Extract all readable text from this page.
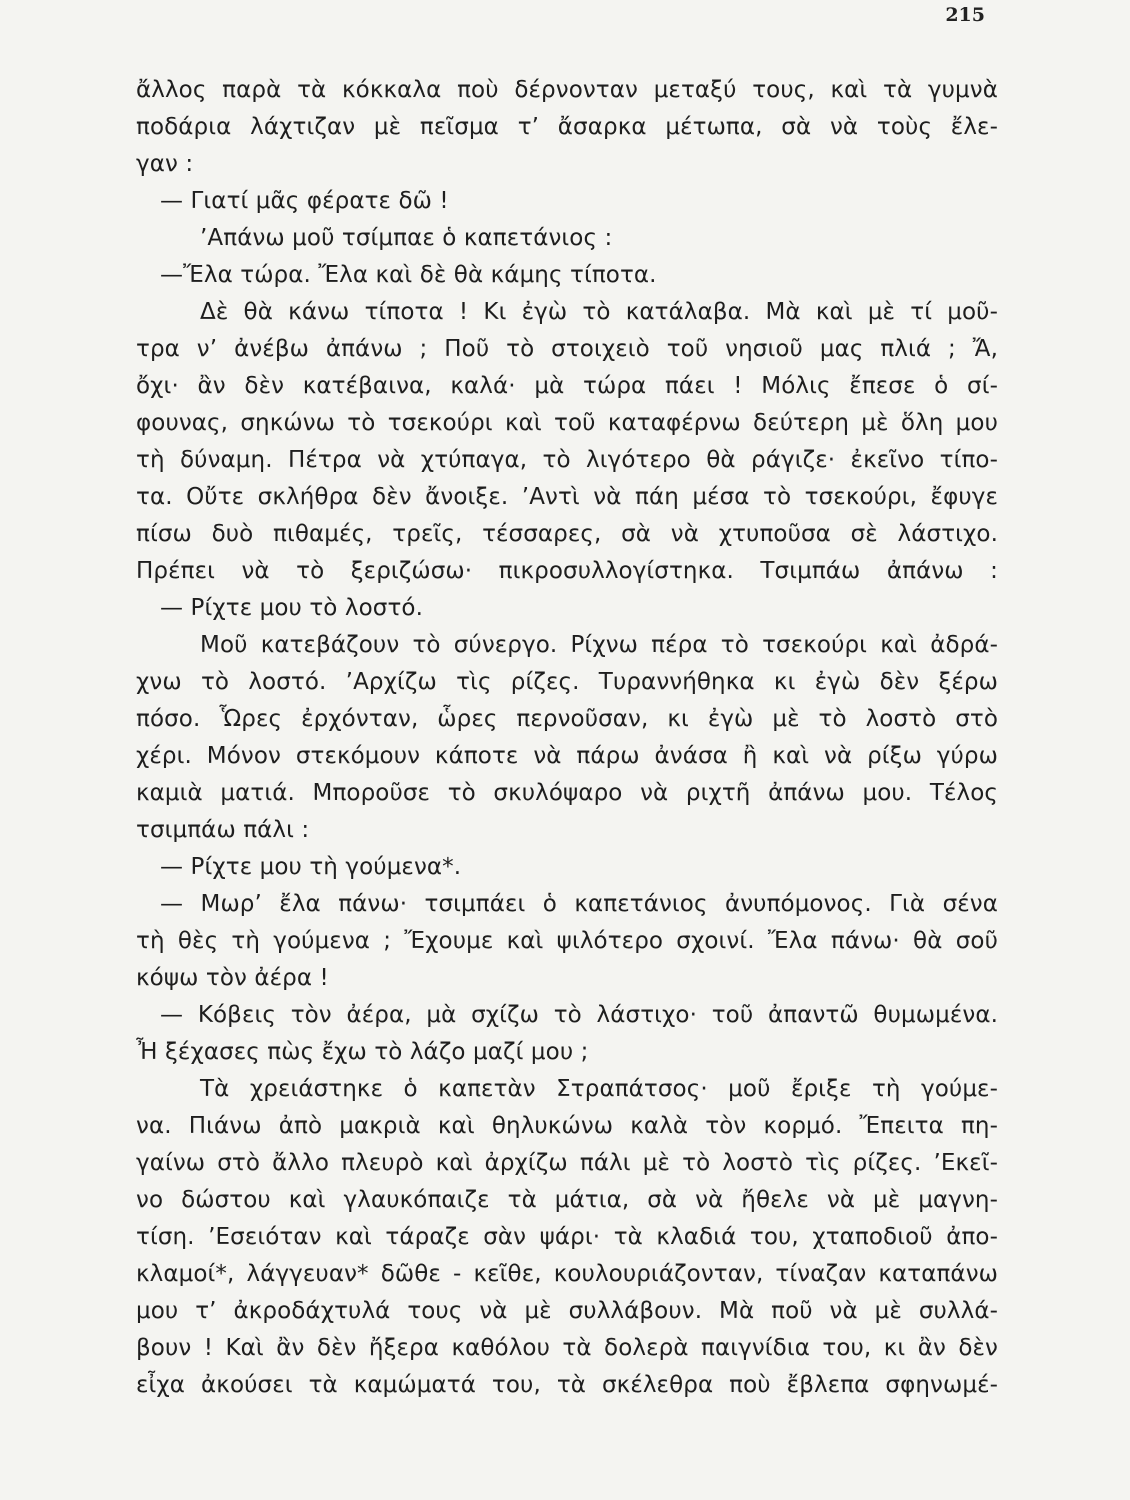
215
ἄλλος παρὰ τὰ κόκκαλα ποὺ δέρνονταν μεταξύ τους, καὶ τὰ γυμνὰ
ποδάρια λάχτιζαν μὲ πεῖσμα τ’ ἄσαρκα μέτωπα, σὰ νὰ τοὺς ἔλε-
γαν :
— Γιατί μᾶς φέρατε δῶ !
’Απάνω μοῦ τσίμπαε ὁ καπετάνιος :
—Ἔλα τώρα. Ἔλα καὶ δὲ θὰ κάμης τίποτα.
Δὲ θὰ κάνω τίποτα ! Κι ἐγὼ τὸ κατάλαβα. Μὰ καὶ μὲ τί μοῦ-
τρα ν’ ἀνέβω ἀπάνω ; Ποῦ τὸ στοιχειὸ τοῦ νησιοῦ μας πλιά ; Ἄ,
ὄχι· ἂν δὲν κατέβαινα, καλά· μὰ τώρα πάει ! Μόλις ἔπεσε ὁ σί-
φουνας, σηκώνω τὸ τσεκούρι καὶ τοῦ καταφέρνω δεύτερη μὲ ὅλη μου
τὴ δύναμη. Πέτρα νὰ χτύπαγα, τὸ λιγότερο θὰ ράγιζε· ἐκεῖνο τίπο-
τα. Οὔτε σκλήθρα δὲν ἄνοιξε. ’Αντὶ νὰ πάη μέσα τὸ τσεκούρι, ἔφυγε
πίσω δυὸ πιθαμές, τρεῖς, τέσσαρες, σὰ νὰ χτυποῦσα σὲ λάστιχο.
Πρέπει νὰ τὸ ξεριζώσω· πικροσυλλογίστηκα. Τσιμπάω ἀπάνω :
— Ρίχτε μου τὸ λοστό.
Μοῦ κατεβάζουν τὸ σύνεργο. Ρίχνω πέρα τὸ τσεκούρι καὶ ἀδρά-
χνω τὸ λοστό. ’Αρχίζω τὶς ρίζες. Τυραννήθηκα κι ἐγὼ δὲν ξέρω
πόσο. Ὧρες ἐρχόνταν, ὧρες περνοῦσαν, κι ἐγὼ μὲ τὸ λοστὸ στὸ
χέρι. Μόνον στεκόμουν κάποτε νὰ πάρω ἀνάσα ἢ καὶ νὰ ρίξω γύρω
καμιὰ ματιά. Μποροῦσε τὸ σκυλόψαρο νὰ ριχτῆ ἀπάνω μου. Τέλος
τσιμπάω πάλι :
— Ρίχτε μου τὴ γούμενα*.
— Μωρ’ ἔλα πάνω· τσιμπάει ὁ καπετάνιος ἀνυπόμονος. Γιὰ σένα
τὴ θὲς τὴ γούμενα ; Ἔχουμε καὶ ψιλότερο σχοινί. Ἔλα πάνω· θὰ σοῦ
κόψω τὸν ἀέρα !
— Κόβεις τὸν ἀέρα, μὰ σχίζω τὸ λάστιχο· τοῦ ἀπαντῶ θυμωμένα.
Ἦ ξέχασες πὼς ἔχω τὸ λάζο μαζί μου ;
Τὰ χρειάστηκε ὁ καπετὰν Στραπάτσος· μοῦ ἔριξε τὴ γούμε-
να. Πιάνω ἀπὸ μακριὰ καὶ θηλυκώνω καλὰ τὸν κορμό. Ἔπειτα πη-
γαίνω στὸ ἄλλο πλευρὸ καὶ ἀρχίζω πάλι μὲ τὸ λοστὸ τὶς ρίζες. ’Εκεῖ-
νο δώστου καὶ γλαυκόπαιζε τὰ μάτια, σὰ νὰ ἤθελε νὰ μὲ μαγνη-
τίση. ’Εσειόταν καὶ τάραζε σὰν ψάρι· τὰ κλαδιά του, χταποδιοῦ ἀπο-
κλαμοί*, λάγγευαν* δῶθε - κεῖθε, κουλουριάζονταν, τίναζαν καταπάνω
μου τ’ ἀκροδάχτυλά τους νὰ μὲ συλλάβουν. Μὰ ποῦ νὰ μὲ συλλά-
βουν ! Καὶ ἂν δὲν ἤξερα καθόλου τὰ δολερὰ παιγνίδια του, κι ἂν δὲν
εἶχα ἀκούσει τὰ καμώματά του, τὰ σκέλεθρα ποὺ ἔβλεπα σφηνωμέ-
